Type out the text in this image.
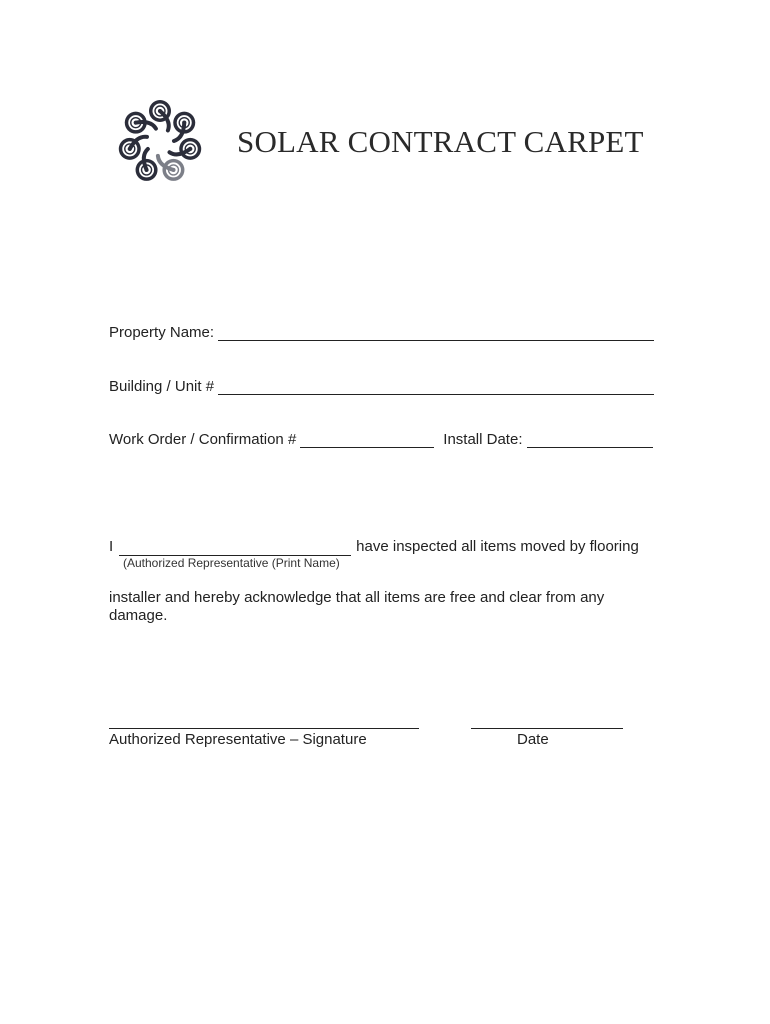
SOLAR CONTRACT CARPET
Property Name:
Building / Unit #
Work Order / Confirmation #	Install Date:
I	have inspected all items moved by flooring
(Authorized Representative (Print Name)
installer and hereby acknowledge that all items are free and clear from any damage.
Authorized Representative – Signature	Date
